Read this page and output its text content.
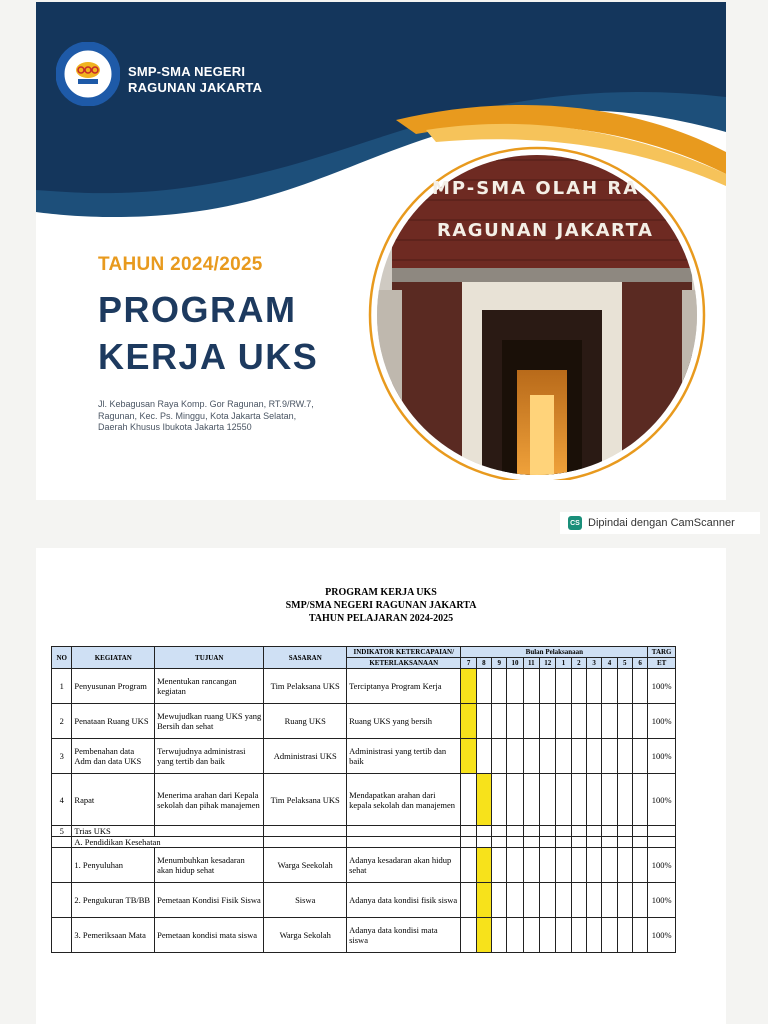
SMP-SMA NEGERI
RAGUNAN JAKARTA
TAHUN 2024/2025
PROGRAM
KERJA UKS
Jl. Kebagusan Raya Komp. Gor Ragunan, RT.9/RW.7, Ragunan, Kec. Ps. Minggu, Kota Jakarta Selatan, Daerah Khusus Ibukota Jakarta 12550
MP-SMA OLAH RA
RAGUNAN JAKARTA
CS Dipindai dengan CamScanner
PROGRAM KERJA UKS
SMP/SMA NEGERI RAGUNAN JAKARTA
TAHUN PELAJARAN 2024-2025
NO	KEGIATAN	TUJUAN	SASARAN	INDIKATOR KETERCAPAIAN/	Bulan Pelaksanaan												TARG
				KETERLAKSANAAN	7	8	9	10	11	12	1	2	3	4	5	6	ET
1	Penyusunan Program	Menentukan rancangan kegiatan	Tim Pelaksana UKS	Terciptanya Program Kerja													100%
2	Penataan Ruang UKS	Mewujudkan ruang UKS yang Bersih dan sehat	Ruang UKS	Ruang UKS yang bersih													100%
3	Pembenahan data Adm dan data UKS	Terwujudnya administrasi yang tertib dan baik	Administrasi UKS	Administrasi yang tertib dan baik													100%
4	Rapat	Menerima arahan dari Kepala sekolah dan pihak manajemen	Tim Pelaksana UKS	Mendapatkan arahan dari kepala sekolah dan manajemen													100%
5	Trias UKS																
	A. Pendidikan Kesehatan																
	1. Penyuluhan	Menumbuhkan kesadaran akan hidup sehat	Warga Seekolah	Adanya kesadaran akan hidup sehat													100%
	2. Pengukuran TB/BB	Pemetaan Kondisi Fisik Siswa	Siswa	Adanya data kondisi fisik siswa													100%
	3. Pemeriksaan Mata	Pemetaan kondisi mata siswa	Warga Sekolah	Adanya data kondisi mata siswa													100%
